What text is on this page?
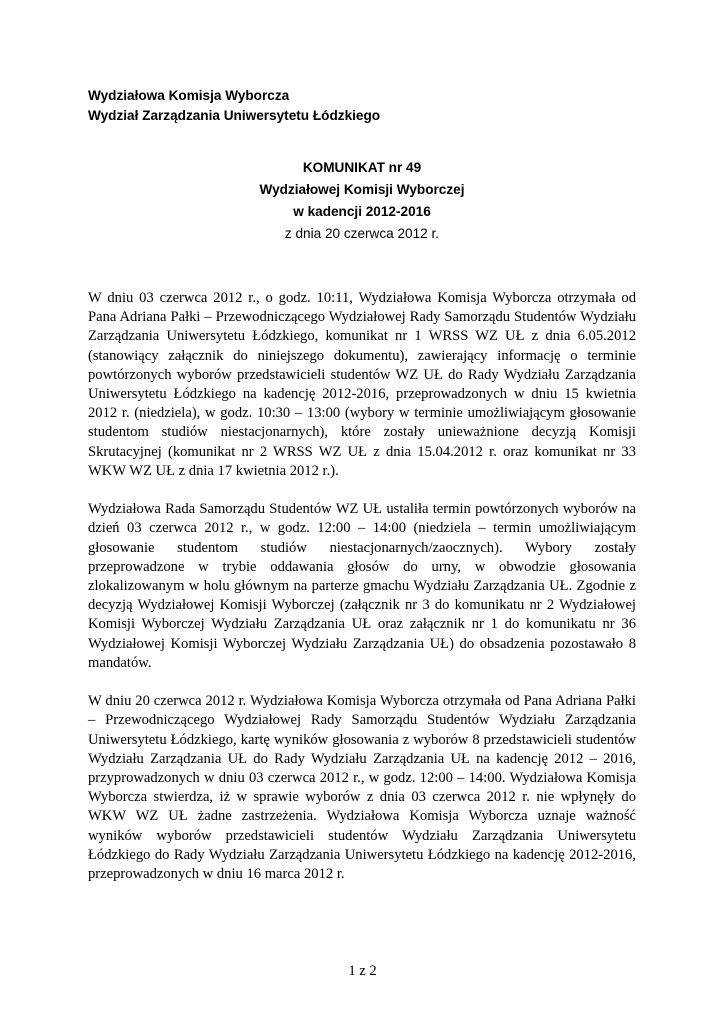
Wydziałowa Komisja Wyborcza
Wydział Zarządzania Uniwersytetu Łódzkiego
KOMUNIKAT nr 49
Wydziałowej Komisji Wyborczej
w kadencji 2012-2016
z dnia 20 czerwca 2012 r.

W dniu 03 czerwca 2012 r., o godz. 10:11, Wydziałowa Komisja Wyborcza otrzymała od Pana Adriana Pałki – Przewodniczącego Wydziałowej Rady Samorządu Studentów Wydziału Zarządzania Uniwersytetu Łódzkiego, komunikat nr 1 WRSS WZ UŁ z dnia 6.05.2012 (stanowiący załącznik do niniejszego dokumentu), zawierający informację o terminie powtórzonych wyborów przedstawicieli studentów WZ UŁ do Rady Wydziału Zarządzania Uniwersytetu Łódzkiego na kadencję 2012-2016, przeprowadzonych w dniu 15 kwietnia 2012 r. (niedziela), w godz. 10:30 – 13:00 (wybory w terminie umożliwiającym głosowanie studentom studiów niestacjonarnych), które zostały unieważnione decyzją Komisji Skrutacyjnej (komunikat nr 2 WRSS WZ UŁ z dnia 15.04.2012 r. oraz komunikat nr 33 WKW WZ UŁ z dnia 17 kwietnia 2012 r.).

Wydziałowa Rada Samorządu Studentów WZ UŁ ustaliła termin powtórzonych wyborów na dzień 03 czerwca 2012 r., w godz. 12:00 – 14:00 (niedziela – termin umożliwiającym głosowanie studentom studiów niestacjonarnych/zaocznych). Wybory zostały przeprowadzone w trybie oddawania głosów do urny, w obwodzie głosowania zlokalizowanym w holu głównym na parterze gmachu Wydziału Zarządzania UŁ. Zgodnie z decyzją Wydziałowej Komisji Wyborczej (załącznik nr 3 do komunikatu nr 2 Wydziałowej Komisji Wyborczej Wydziału Zarządzania UŁ oraz załącznik nr 1 do komunikatu nr 36 Wydziałowej Komisji Wyborczej Wydziału Zarządzania UŁ) do obsadzenia pozostawało 8 mandatów.

W dniu 20 czerwca 2012 r. Wydziałowa Komisja Wyborcza otrzymała od Pana Adriana Pałki – Przewodniczącego Wydziałowej Rady Samorządu Studentów Wydziału Zarządzania Uniwersytetu Łódzkiego, kartę wyników głosowania z wyborów 8 przedstawicieli studentów Wydziału Zarządzania UŁ do Rady Wydziału Zarządzania UŁ na kadencję 2012 – 2016, przyprowadzonych w dniu 03 czerwca 2012 r., w godz. 12:00 – 14:00. Wydziałowa Komisja Wyborcza stwierdza, iż w sprawie wyborów z dnia 03 czerwca 2012 r. nie wpłynęły do WKW WZ UŁ żadne zastrzeżenia. Wydziałowa Komisja Wyborcza uznaje ważność wyników wyborów przedstawicieli studentów Wydziału Zarządzania Uniwersytetu Łódzkiego do Rady Wydziału Zarządzania Uniwersytetu Łódzkiego na kadencję 2012-2016, przeprowadzonych w dniu 16 marca 2012 r.

1 z 2
